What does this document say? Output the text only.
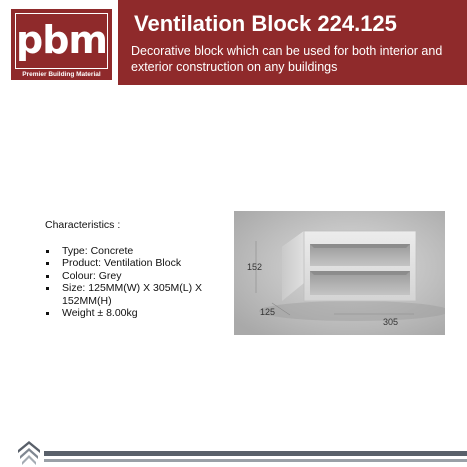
pbm
Premier Building Material
Ventilation Block 224.125
Decorative block which can be used for both interior and exterior construction on any buildings
Characteristics :
Type: Concrete
Product: Ventilation Block
Colour: Grey
Size: 125MM(W) X 305M(L) X 152MM(H)
Weight ± 8.00kg
152
125
305
